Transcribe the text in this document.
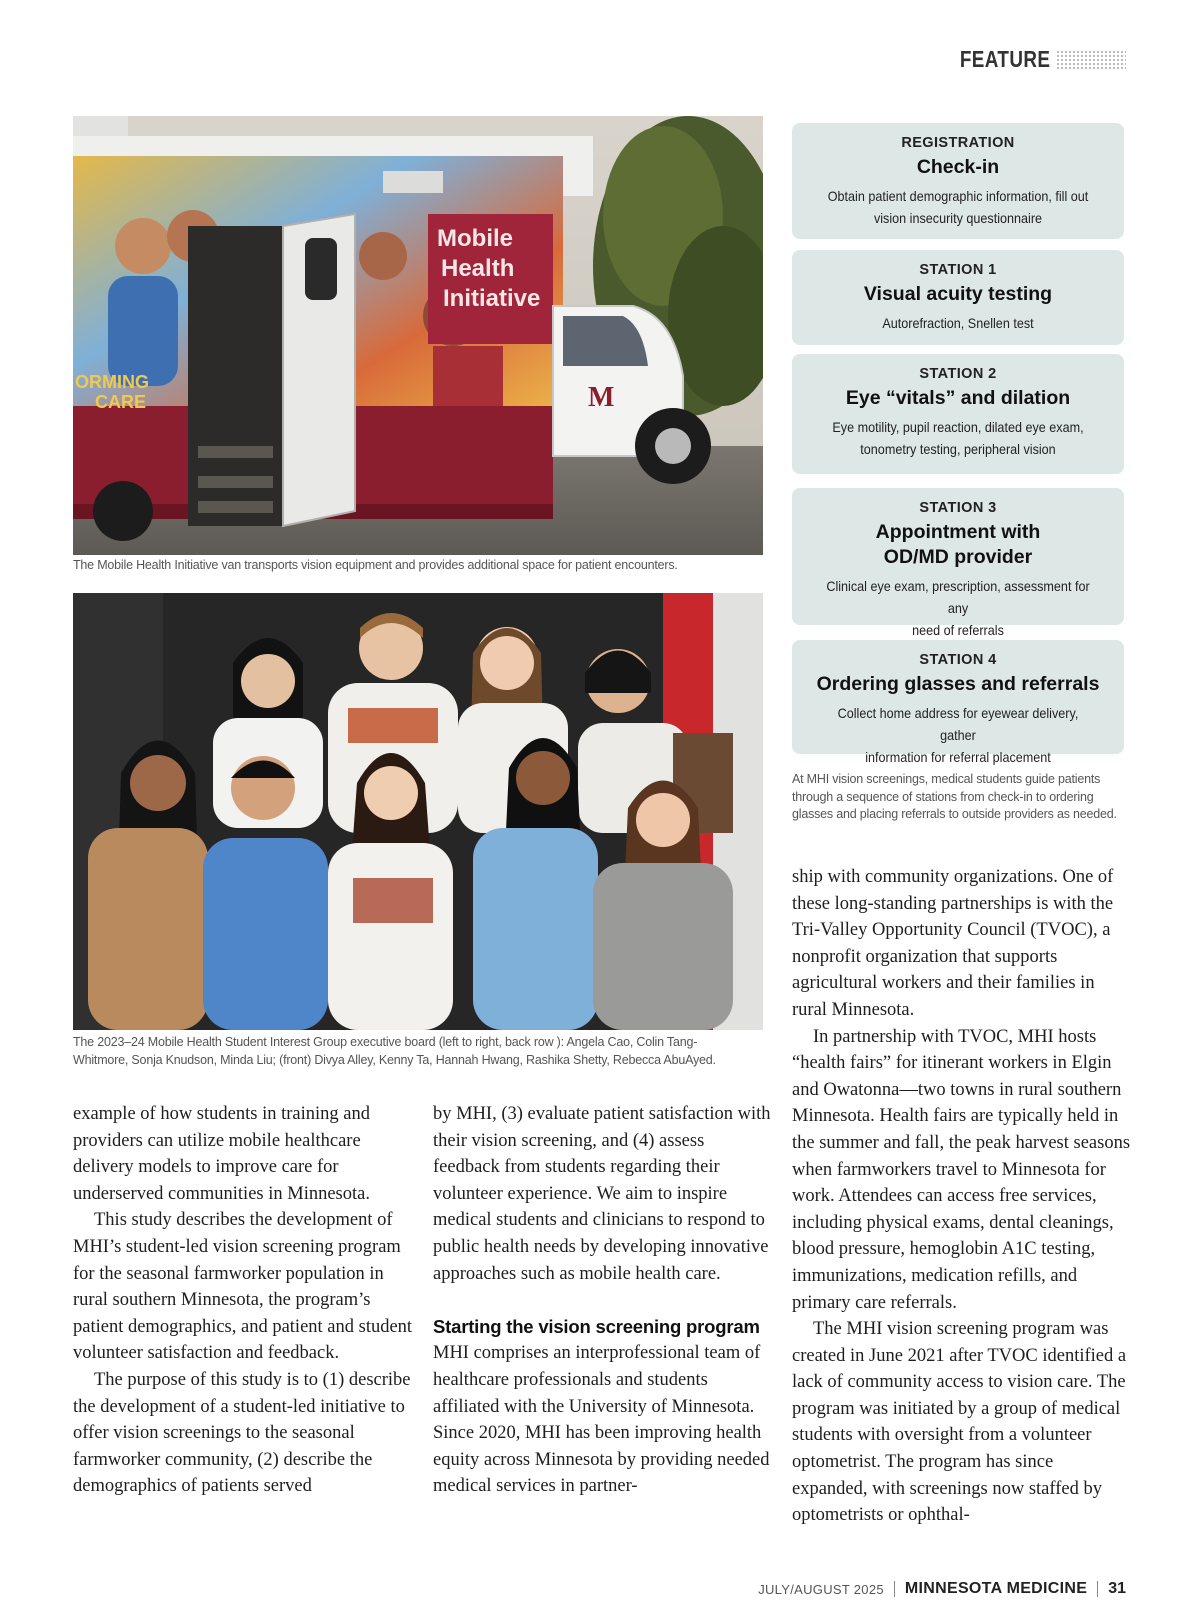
FEATURE
Mobile
Health
Initiative
ORMING
CARE	M
The Mobile Health Initiative van transports vision equipment and provides additional space for patient encounters.
The 2023–24 Mobile Health Student Interest Group executive board (left to right, back row ): Angela Cao, Colin Tang-
Whitmore, Sonja Knudson, Minda Liu; (front) Divya Alley, Kenny Ta, Hannah Hwang, Rashika Shetty, Rebecca AbuAyed.
REGISTRATION
Check-in
Obtain patient demographic information, fill out
vision insecurity questionnaire
STATION 1
Visual acuity testing
Autorefraction, Snellen test
STATION 2
Eye “vitals” and dilation
Eye motility, pupil reaction, dilated eye exam,
tonometry testing, peripheral vision
STATION 3
Appointment with
OD/MD provider
Clinical eye exam, prescription, assessment for any
need of referrals
STATION 4
Ordering glasses and referrals
Collect home address for eyewear delivery, gather
information for referral placement
At MHI vision screenings, medical students guide patients through a sequence of stations from check-in to ordering glasses and placing referrals to outside providers as needed.

example of how students in training and providers can utilize mobile healthcare delivery models to improve care for underserved communities in Minnesota.

This study describes the development of MHI’s student-led vision screening program for the seasonal farmworker population in rural southern Minnesota, the program’s patient demographics, and patient and student volunteer satisfaction and feedback.

The purpose of this study is to (1) describe the development of a student-led initiative to offer vision screenings to the seasonal farmworker community, (2) describe the demographics of patients served

by MHI, (3) evaluate patient satisfaction with their vision screening, and (4) assess feedback from students regarding their volunteer experience. We aim to inspire medical students and clinicians to respond to public health needs by developing innovative approaches such as mobile health care.

Starting the vision screening program

MHI comprises an interprofessional team of healthcare professionals and students affiliated with the University of Minnesota. Since 2020, MHI has been improving health equity across Minnesota by providing needed medical services in partner-

ship with community organizations. One of these long-standing partnerships is with the Tri-Valley Opportunity Council (TVOC), a nonprofit organization that supports agricultural workers and their families in rural Minnesota.

In partnership with TVOC, MHI hosts “health fairs” for itinerant workers in Elgin and Owatonna—two towns in rural southern Minnesota. Health fairs are typically held in the summer and fall, the peak harvest seasons when farmworkers travel to Minnesota for work. Attendees can access free services, including physical exams, dental cleanings, blood pressure, hemoglobin A1C testing, immunizations, medication refills, and primary care referrals.

The MHI vision screening program was created in June 2021 after TVOC identified a lack of community access to vision care. The program was initiated by a group of medical students with oversight from a volunteer optometrist. The program has since expanded, with screenings now staffed by optometrists or ophthal-

JULY/AUGUST 2025 MINNESOTA MEDICINE 31
